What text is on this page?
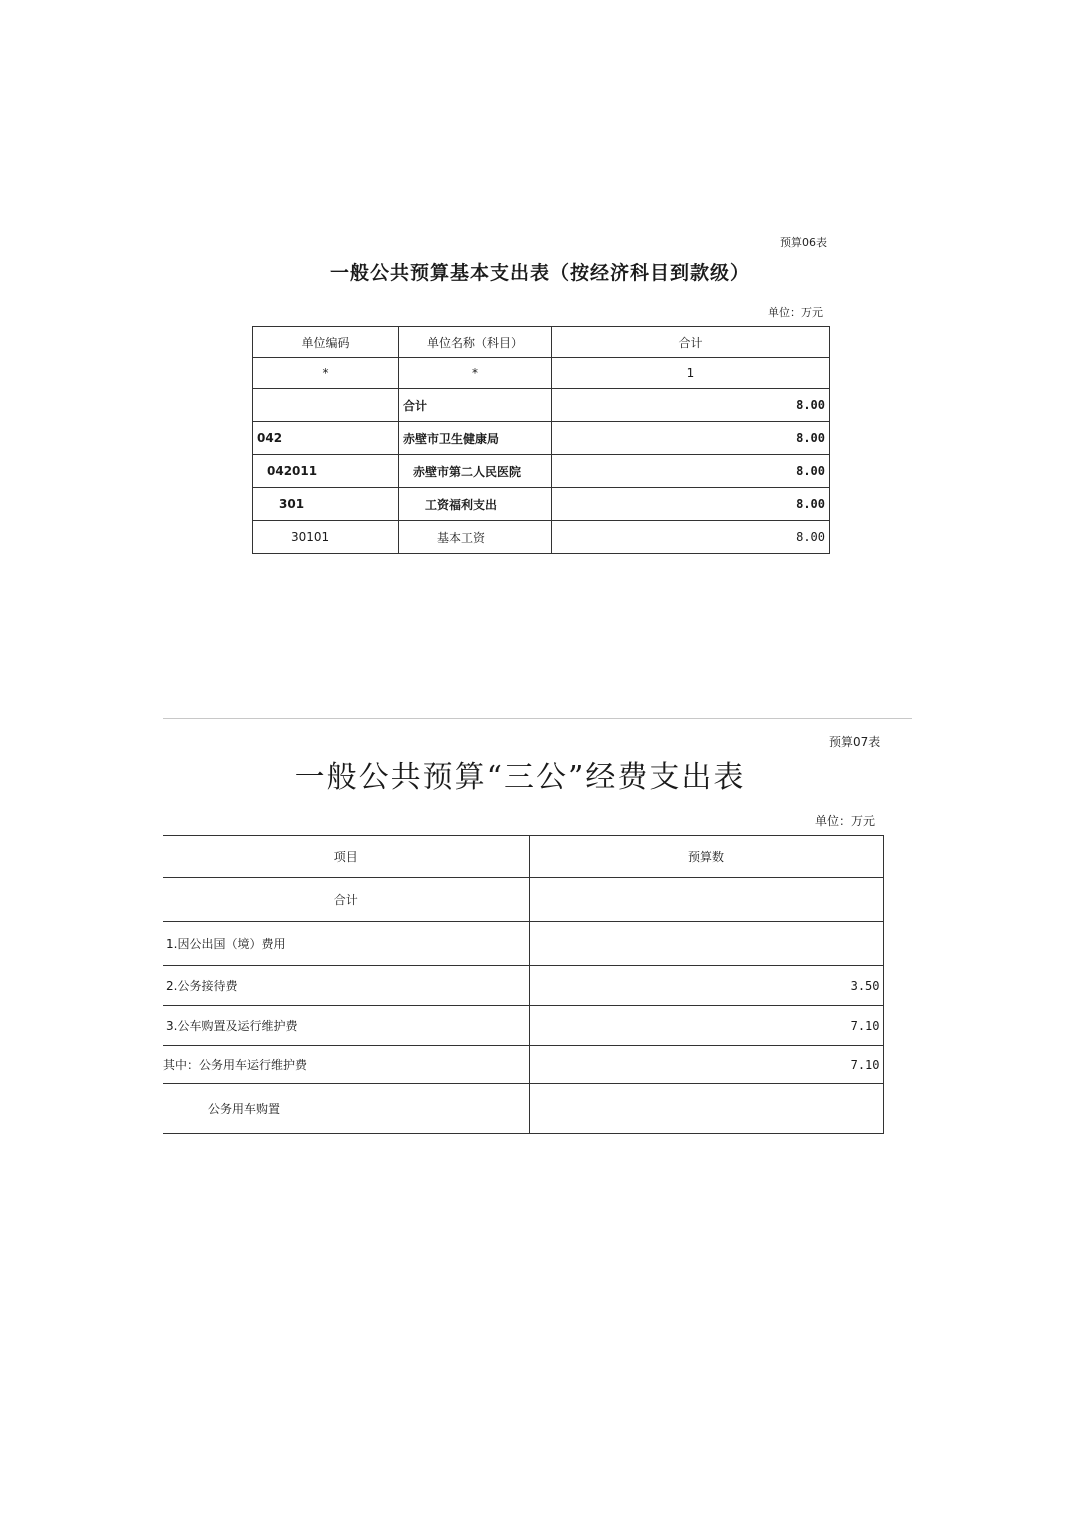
预算06表
一般公共预算基本支出表（按经济科目到款级）
单位：万元
单位编码	单位名称（科目）	合计
*	*	1
	合计	8.00
042	赤壁市卫生健康局	8.00
042011	赤壁市第二人民医院	8.00
301	工资福利支出	8.00
30101	基本工资	8.00
预算07表
一般公共预算“三公”经费支出表
单位：万元
项目	预算数
合计	
1.因公出国（境）费用	
2.公务接待费	3.50
3.公车购置及运行维护费	7.10
其中：公务用车运行维护费	7.10
公务用车购置	
